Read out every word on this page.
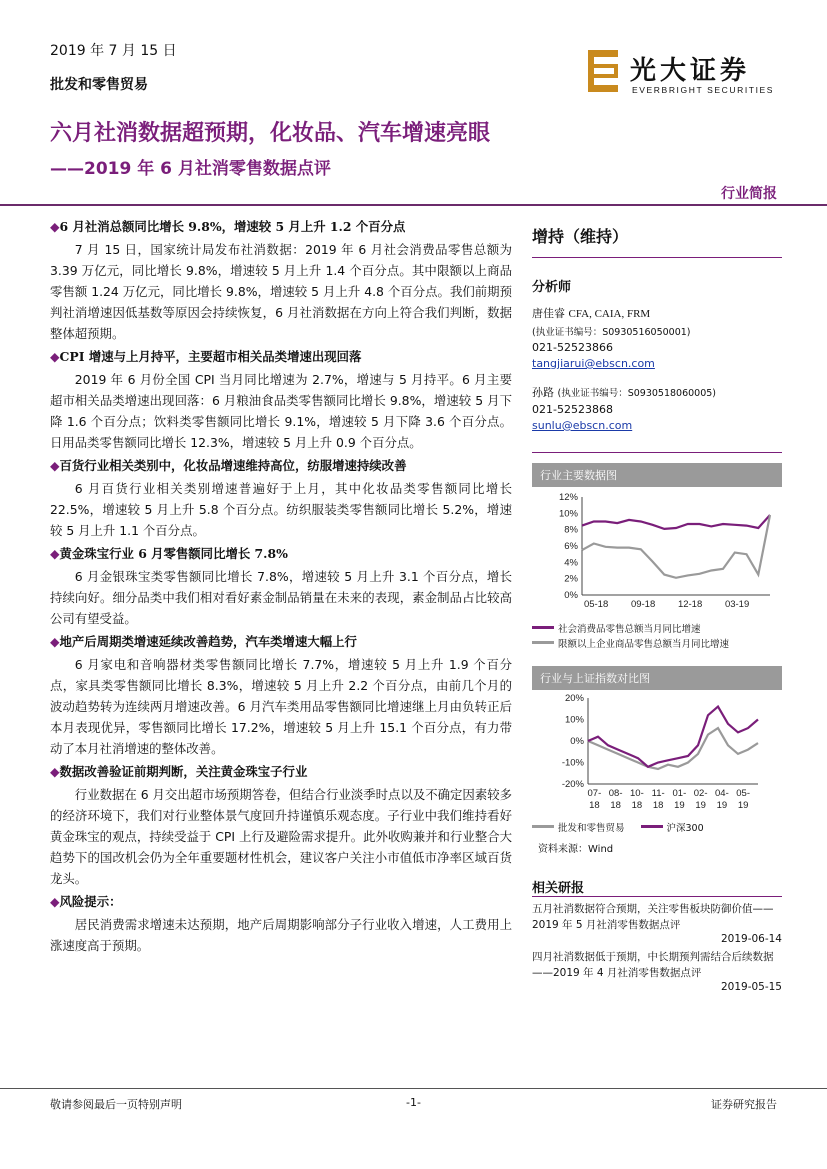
2019 年 7 月 15 日
批发和零售贸易	光大证券
EVERBRIGHT SECURITIES
六月社消数据超预期，化妆品、汽车增速亮眼
——2019 年 6 月社消零售数据点评
行业简报
◆6 月社消总额同比增长 9.8%，增速较 5 月上升 1.2 个百分点

7 月 15 日，国家统计局发布社消数据：2019 年 6 月社会消费品零售总额为 3.39 万亿元，同比增长 9.8%，增速较 5 月上升 1.4 个百分点。其中限额以上商品零售额 1.24 万亿元，同比增长 9.8%，增速较 5 月上升 4.8 个百分点。我们前期预判社消增速因低基数等原因会持续恢复，6 月社消数据在方向上符合我们判断，数据整体超预期。

◆CPI 增速与上月持平，主要超市相关品类增速出现回落

2019 年 6 月份全国 CPI 当月同比增速为 2.7%，增速与 5 月持平。6 月主要超市相关品类增速出现回落：6 月粮油食品类零售额同比增长 9.8%，增速较 5 月下降 1.6 个百分点；饮料类零售额同比增长 9.1%，增速较 5 月下降 3.6 个百分点。日用品类零售额同比增长 12.3%，增速较 5 月上升 0.9 个百分点。

◆百货行业相关类别中，化妆品增速维持高位，纺服增速持续改善

6 月百货行业相关类别增速普遍好于上月，其中化妆品类零售额同比增长 22.5%，增速较 5 月上升 5.8 个百分点。纺织服装类零售额同比增长 5.2%，增速较 5 月上升 1.1 个百分点。

◆黄金珠宝行业 6 月零售额同比增长 7.8%

6 月金银珠宝类零售额同比增长 7.8%，增速较 5 月上升 3.1 个百分点，增长持续向好。细分品类中我们相对看好素金制品销量在未来的表现，素金制品占比较高公司有望受益。

◆地产后周期类增速延续改善趋势，汽车类增速大幅上行

6 月家电和音响器材类零售额同比增长 7.7%，增速较 5 月上升 1.9 个百分点，家具类零售额同比增长 8.3%，增速较 5 月上升 2.2 个百分点，由前几个月的波动趋势转为连续两月增速改善。6 月汽车类用品零售额同比增速继上月由负转正后本月表现优异，零售额同比增长 17.2%，增速较 5 月上升 15.1 个百分点，有力带动了本月社消增速的整体改善。

◆数据改善验证前期判断，关注黄金珠宝子行业

行业数据在 6 月交出超市场预期答卷，但结合行业淡季时点以及不确定因素较多的经济环境下，我们对行业整体景气度回升持谨慎乐观态度。子行业中我们维持看好黄金珠宝的观点，持续受益于 CPI 上行及避险需求提升。此外收购兼并和行业整合大趋势下的国改机会仍为全年重要题材性机会，建议客户关注小市值低市净率区域百货龙头。

◆风险提示：

居民消费需求增速未达预期，地产后周期影响部分子行业收入增速，人工费用上涨速度高于预期。

增持（维持）
分析师
唐佳睿 CFA, CAIA, FRM
(执业证书编号：S0930516050001)
021-52523866
tangjiarui@ebscn.com
孙路 (执业证书编号：S0930518060005)
021-52523868
sunlu@ebscn.com
行业主要数据图
0%
2%
4%
6%
8%
10%
12%
05-18 09-18 12-18 03-19
社会消费品零售总额当月同比增速
限额以上企业商品零售总额当月同比增速
行业与上证指数对比图
-20%
-10%
0%
10%
20%
07-
18
08-
18
10-
18
11-
18
01-
19
02-
19
04-
19
05-
19
批发和零售贸易	沪深300
资料来源：Wind
相关研报
五月社消数据符合预期，关注零售板块防御价值——2019 年 5 月社消零售数据点评
2019-06-14
四月社消数据低于预期，中长期预判需结合后续数据——2019 年 4 月社消零售数据点评
2019-05-15
敬请参阅最后一页特别声明	-1-	证券研究报告
